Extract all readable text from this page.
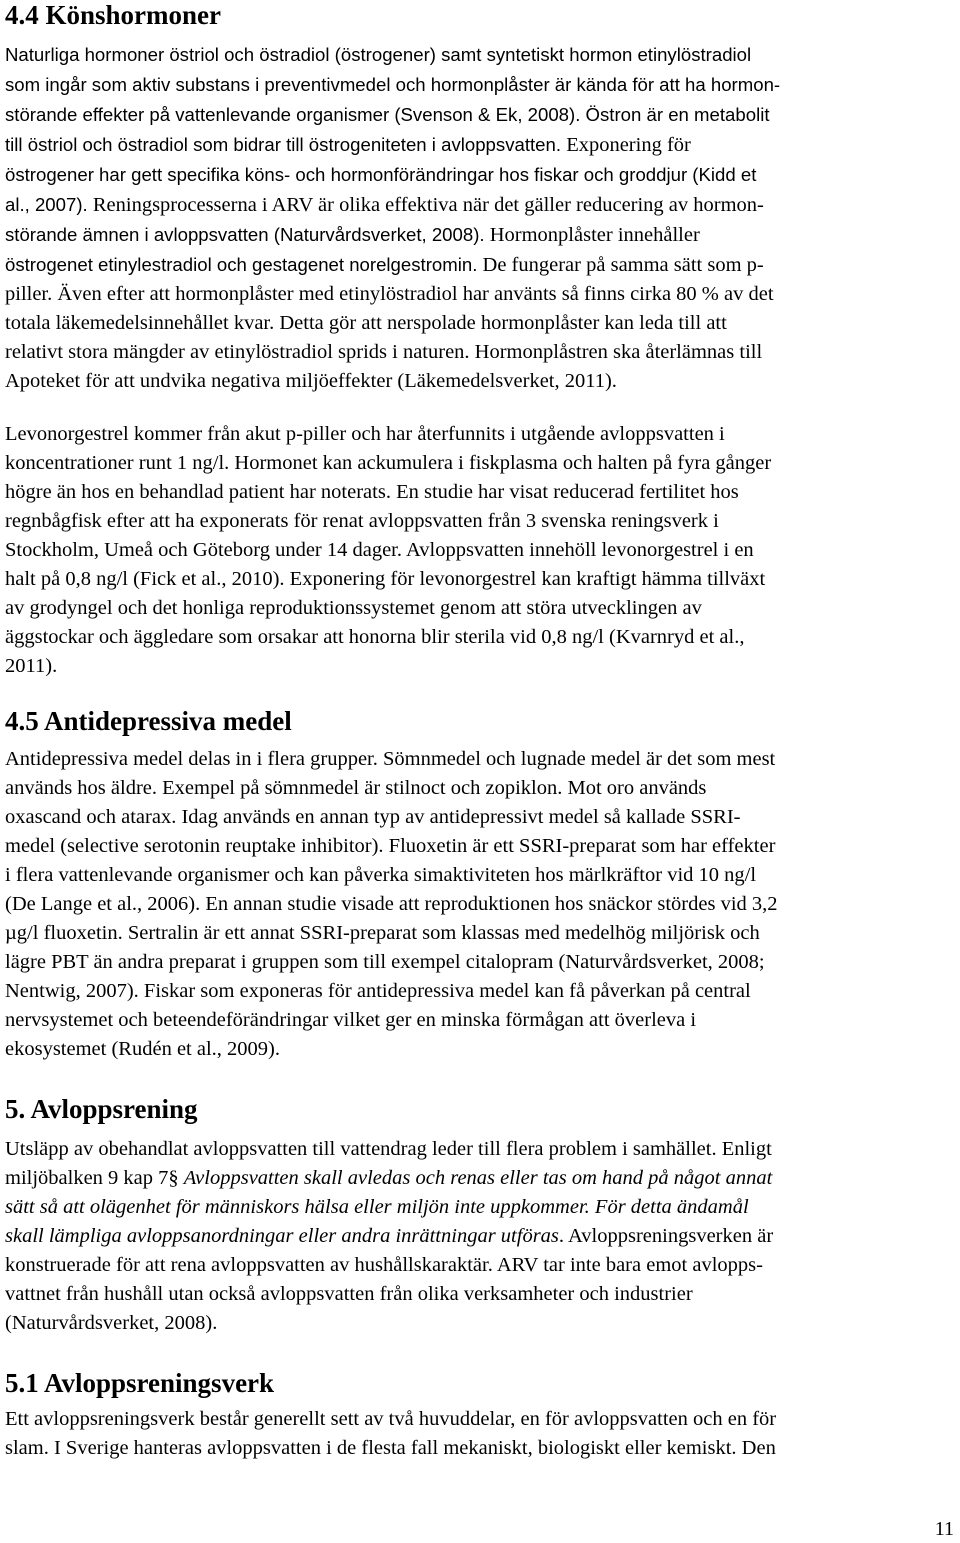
4.4 Könshormoner
Naturliga hormoner östriol och östradiol (östrogener) samt syntetiskt hormon etinylöstradiol
som ingår som aktiv substans i preventivmedel och hormonplåster är kända för att ha hormon-
störande effekter på vattenlevande organismer (Svenson & Ek, 2008). Östron är en metabolit
till östriol och östradiol som bidrar till östrogeniteten i avloppsvatten. Exponering för
östrogener har gett specifika köns- och hormonförändringar hos fiskar och groddjur (Kidd et
al., 2007). Reningsprocesserna i ARV är olika effektiva när det gäller reducering av hormon-
störande ämnen i avloppsvatten (Naturvårdsverket, 2008). Hormonplåster innehåller
östrogenet etinylestradiol och gestagenet norelgestromin. De fungerar på samma sätt som p-
piller. Även efter att hormonplåster med etinylöstradiol har använts så finns cirka 80 % av det
totala läkemedelsinnehållet kvar. Detta gör att nerspolade hormonplåster kan leda till att
relativt stora mängder av etinylöstradiol sprids i naturen. Hormonplåstren ska återlämnas till
Apoteket för att undvika negativa miljöeffekter (Läkemedelsverket, 2011).
Levonorgestrel kommer från akut p-piller och har återfunnits i utgående avloppsvatten i
koncentrationer runt 1 ng/l. Hormonet kan ackumulera i fiskplasma och halten på fyra gånger
högre än hos en behandlad patient har noterats. En studie har visat reducerad fertilitet hos
regnbågfisk efter att ha exponerats för renat avloppsvatten från 3 svenska reningsverk i
Stockholm, Umeå och Göteborg under 14 dager. Avloppsvatten innehöll levonorgestrel i en
halt på 0,8 ng/l (Fick et al., 2010). Exponering för levonorgestrel kan kraftigt hämma tillväxt
av grodyngel och det honliga reproduktionssystemet genom att störa utvecklingen av
äggstockar och äggledare som orsakar att honorna blir sterila vid 0,8 ng/l (Kvarnryd et al.,
2011).
4.5 Antidepressiva medel
Antidepressiva medel delas in i flera grupper. Sömnmedel och lugnade medel är det som mest
används hos äldre. Exempel på sömnmedel är stilnoct och zopiklon. Mot oro används
oxascand och atarax. Idag används en annan typ av antidepressivt medel så kallade SSRI-
medel (selective serotonin reuptake inhibitor). Fluoxetin är ett SSRI-preparat som har effekter
i flera vattenlevande organismer och kan påverka simaktiviteten hos märlkräftor vid 10 ng/l
(De Lange et al., 2006). En annan studie visade att reproduktionen hos snäckor stördes vid 3,2
µg/l fluoxetin. Sertralin är ett annat SSRI-preparat som klassas med medelhög miljörisk och
lägre PBT än andra preparat i gruppen som till exempel citalopram (Naturvårdsverket, 2008;
Nentwig, 2007). Fiskar som exponeras för antidepressiva medel kan få påverkan på central
nervsystemet och beteendeförändringar vilket ger en minska förmågan att överleva i
ekosystemet (Rudén et al., 2009).
5. Avloppsrening
Utsläpp av obehandlat avloppsvatten till vattendrag leder till flera problem i samhället. Enligt
miljöbalken 9 kap 7§ Avloppsvatten skall avledas och renas eller tas om hand på något annat
sätt så att olägenhet för människors hälsa eller miljön inte uppkommer. För detta ändamål
skall lämpliga avloppsanordningar eller andra inrättningar utföras. Avloppsreningsverken är
konstruerade för att rena avloppsvatten av hushållskaraktär. ARV tar inte bara emot avlopps-
vattnet från hushåll utan också avloppsvatten från olika verksamheter och industrier
(Naturvårdsverket, 2008).
5.1 Avloppsreningsverk
Ett avloppsreningsverk består generellt sett av två huvuddelar, en för avloppsvatten och en för
slam. I Sverige hanteras avloppsvatten i de flesta fall mekaniskt, biologiskt eller kemiskt. Den
11
